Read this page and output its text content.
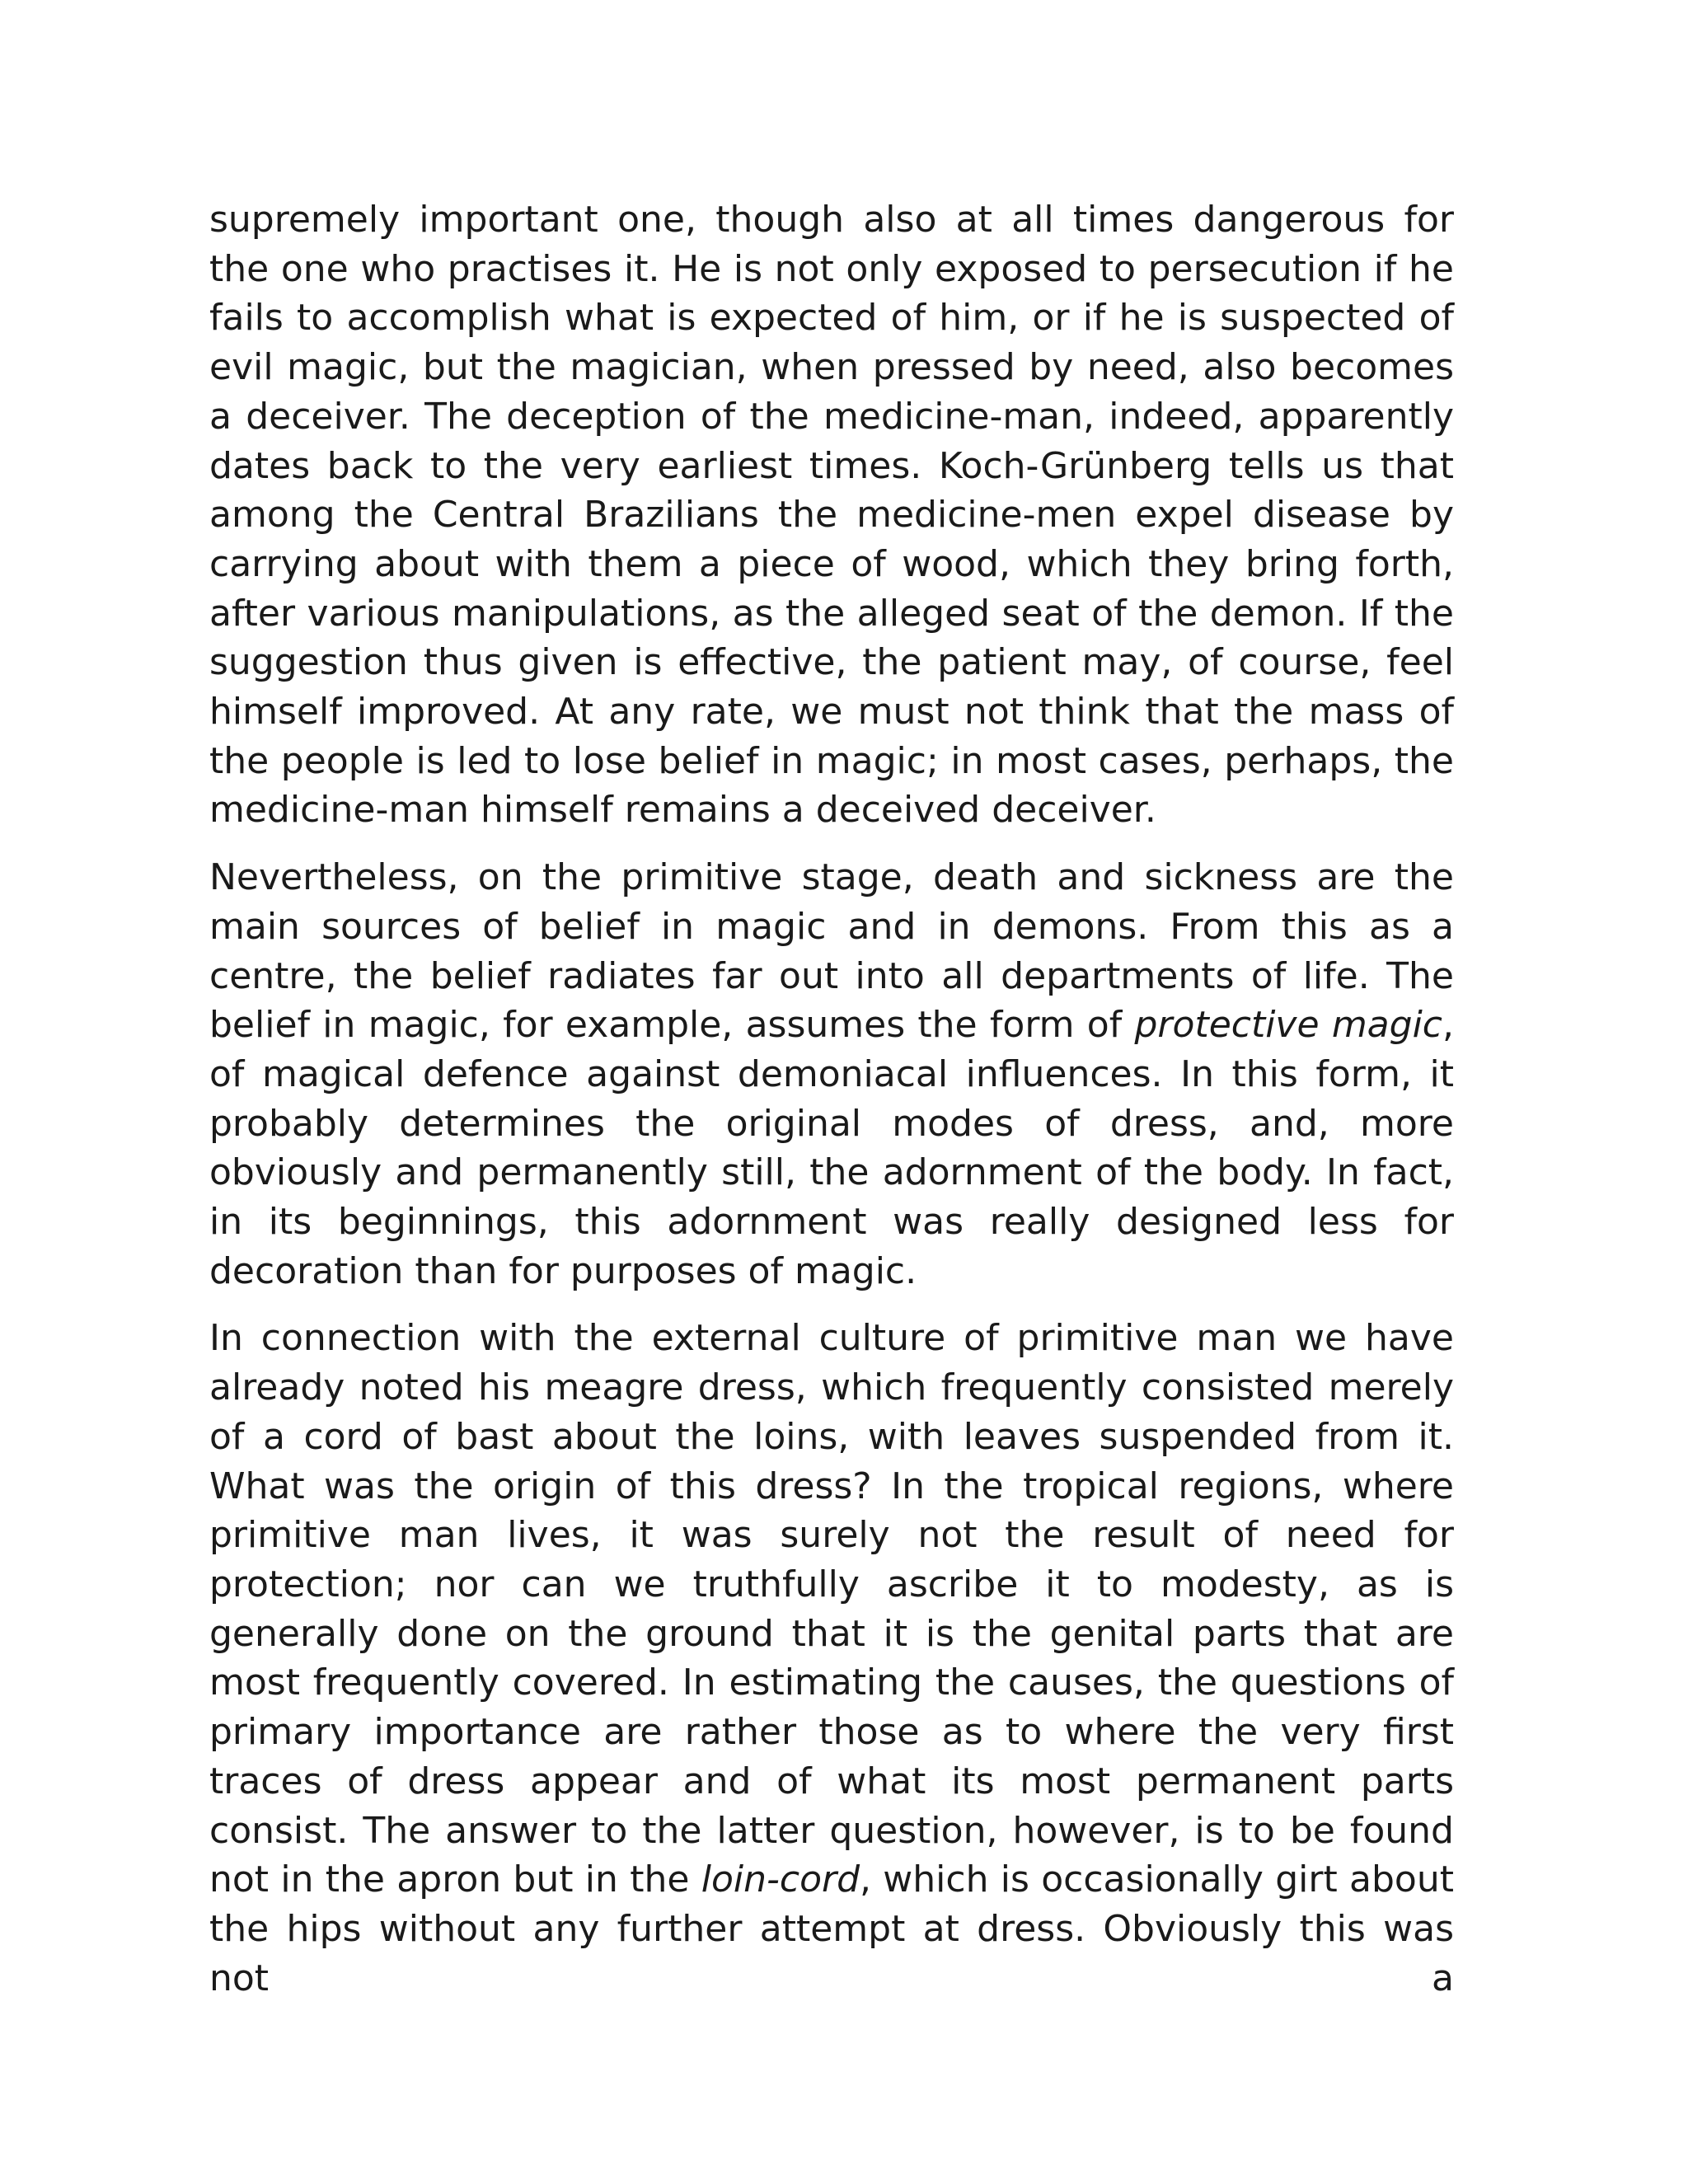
supremely important one, though also at all times dangerous for the one who practises it. He is not only exposed to persecution if he fails to accomplish what is expected of him, or if he is suspected of evil magic, but the magician, when pressed by need, also becomes a deceiver. The deception of the medicine-man, indeed, apparently dates back to the very earliest times. Koch-Grünberg tells us that among the Central Brazilians the medicine-men expel disease by carrying about with them a piece of wood, which they bring forth, after various manipulations, as the alleged seat of the demon. If the suggestion thus given is effective, the patient may, of course, feel himself improved. At any rate, we must not think that the mass of the people is led to lose belief in magic; in most cases, perhaps, the medicine-man himself remains a deceived deceiver.

Nevertheless, on the primitive stage, death and sickness are the main sources of belief in magic and in demons. From this as a centre, the belief radiates far out into all departments of life. The belief in magic, for example, assumes the form of protective magic, of magical defence against demoniacal influences. In this form, it probably determines the original modes of dress, and, more obviously and permanently still, the adornment of the body. In fact, in its beginnings, this adornment was really designed less for decoration than for purposes of magic.

In connection with the external culture of primitive man we have already noted his meagre dress, which frequently consisted merely of a cord of bast about the loins, with leaves suspended from it. What was the origin of this dress? In the tropical regions, where primitive man lives, it was surely not the result of need for protection; nor can we truthfully ascribe it to modesty, as is generally done on the ground that it is the genital parts that are most frequently covered. In estimating the causes, the questions of primary importance are rather those as to where the very first traces of dress appear and of what its most permanent parts consist. The answer to the latter question, however, is to be found not in the apron but in the loin-cord, which is occasionally girt about the hips without any further attempt at dress. Obviously this was not a
